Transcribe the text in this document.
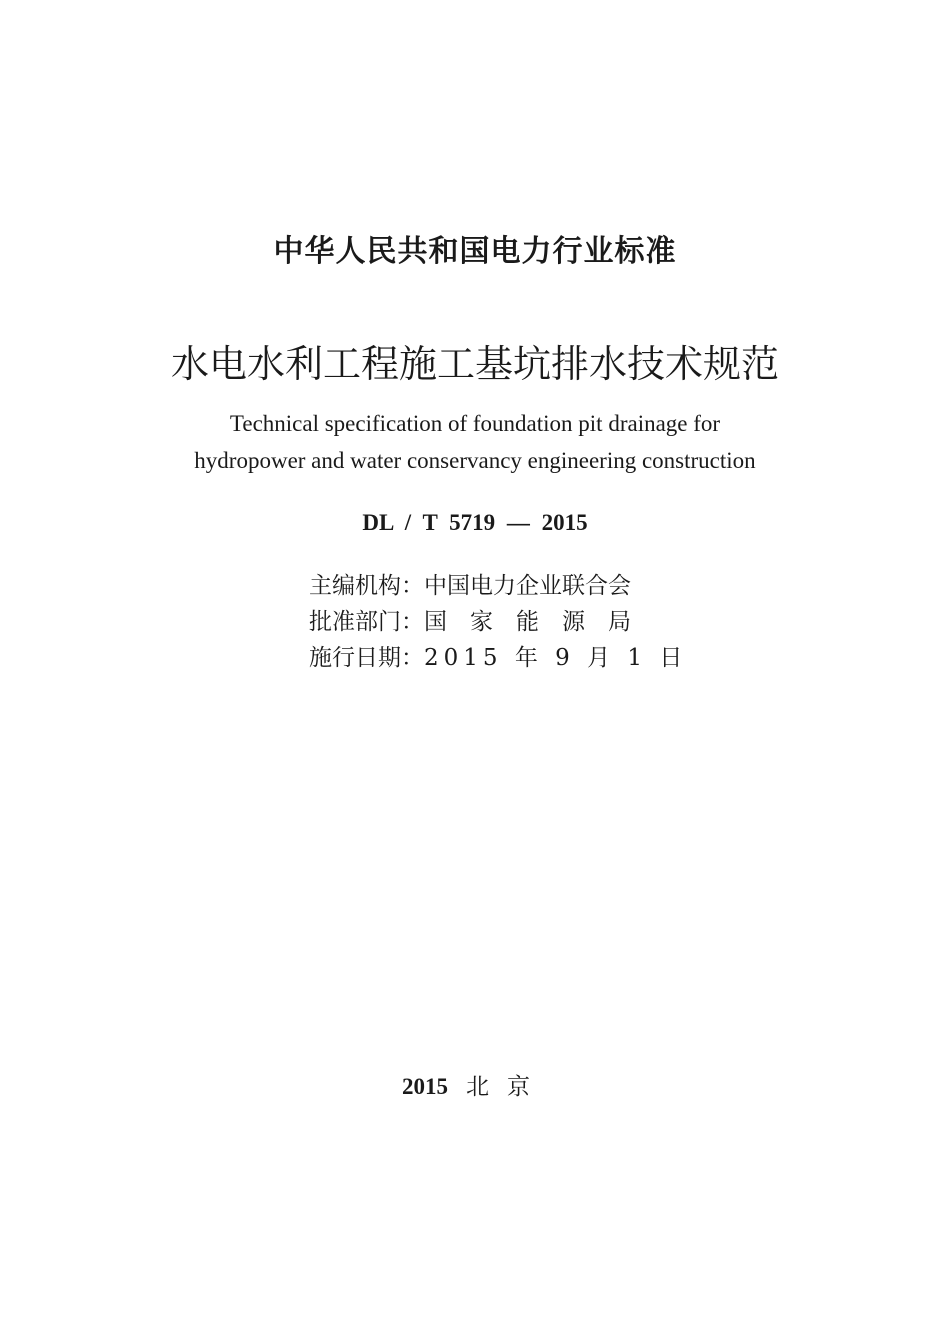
中华人民共和国电力行业标准
水电水利工程施工基坑排水技术规范
Technical specification of foundation pit drainage for
hydropower and water conservancy engineering construction
DL / T 5719 — 2015
主编机构：中国电力企业联合会
批准部门：国家能源局
施行日期：2015 年 9 月 1 日
2015 北京
